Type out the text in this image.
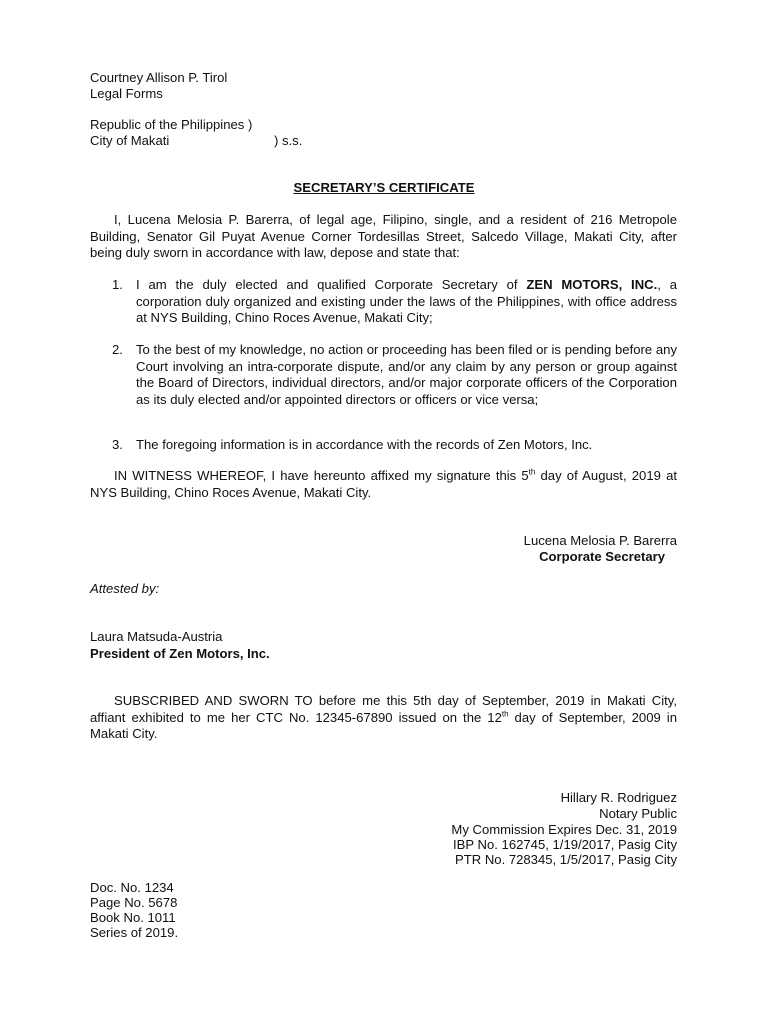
Courtney Allison P. Tirol
Legal Forms
Republic of the Philippines )
City of Makati	) s.s.
SECRETARY’S CERTIFICATE
I, Lucena Melosia P. Barerra, of legal age, Filipino, single, and a resident of 216 Metropole Building, Senator Gil Puyat Avenue Corner Tordesillas Street, Salcedo Village, Makati City, after being duly sworn in accordance with law, depose and state that:
1. I am the duly elected and qualified Corporate Secretary of ZEN MOTORS, INC., a corporation duly organized and existing under the laws of the Philippines, with office address at NYS Building, Chino Roces Avenue, Makati City;
2. To the best of my knowledge, no action or proceeding has been filed or is pending before any Court involving an intra-corporate dispute, and/or any claim by any person or group against the Board of Directors, individual directors, and/or major corporate officers of the Corporation as its duly elected and/or appointed directors or officers or vice versa;
3. The foregoing information is in accordance with the records of Zen Motors, Inc.
IN WITNESS WHEREOF, I have hereunto affixed my signature this 5th day of August, 2019 at NYS Building, Chino Roces Avenue, Makati City.
Lucena Melosia P. Barerra
Corporate Secretary
Attested by:
Laura Matsuda-Austria
President of Zen Motors, Inc.
SUBSCRIBED AND SWORN TO before me this 5th day of September, 2019 in Makati City, affiant exhibited to me her CTC No. 12345-67890 issued on the 12th day of September, 2009 in Makati City.
Hillary R. Rodriguez
Notary Public
My Commission Expires Dec. 31, 2019
IBP No. 162745, 1/19/2017, Pasig City
PTR No. 728345, 1/5/2017, Pasig City
Doc. No. 1234
Page No. 5678
Book No. 1011
Series of 2019.
